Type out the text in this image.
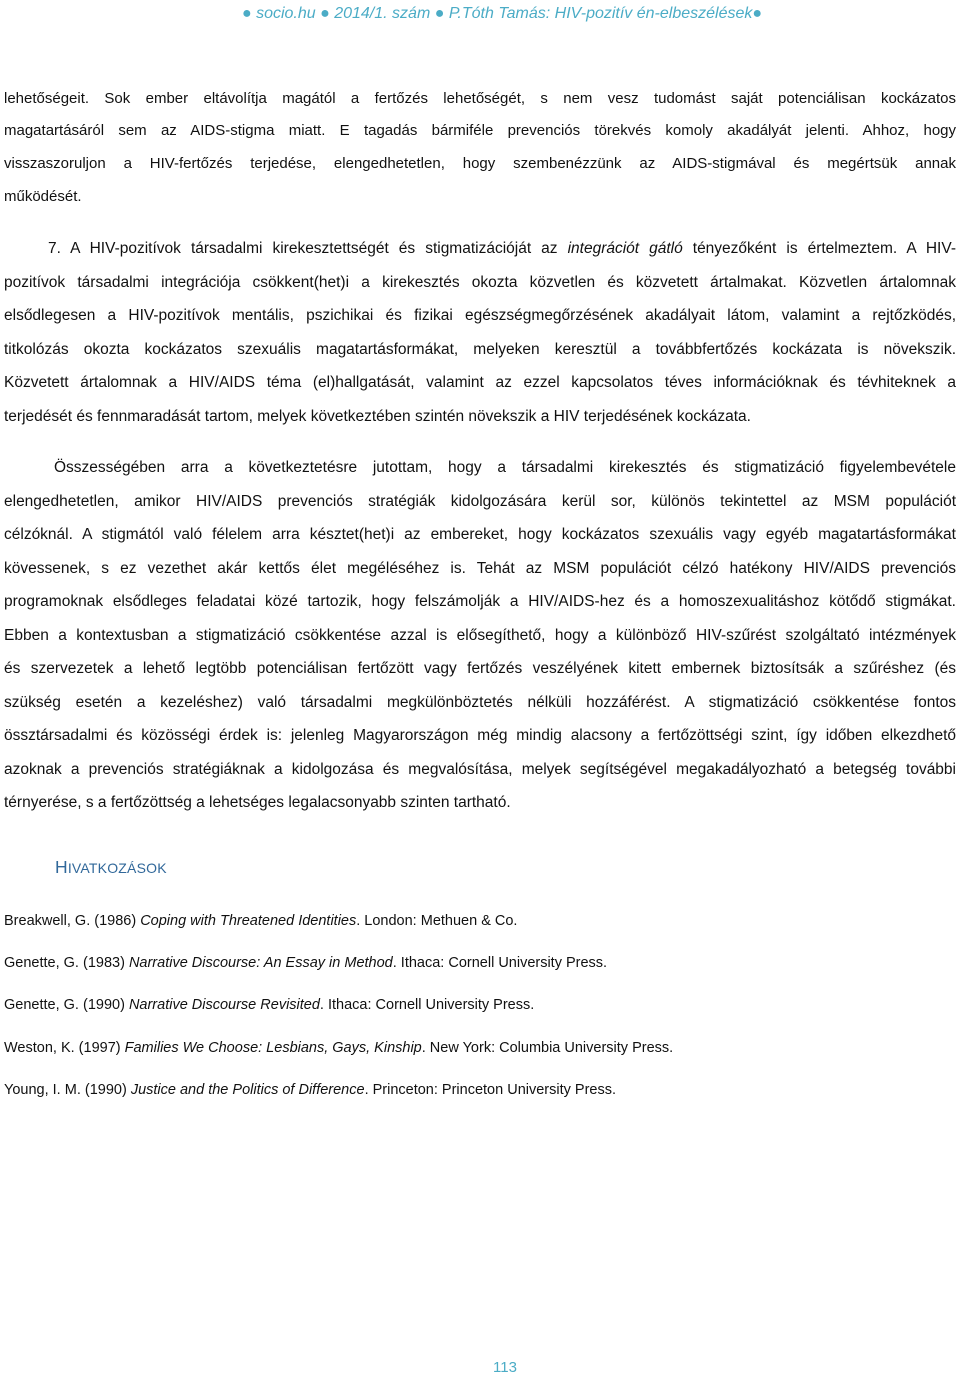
● socio.hu ● 2014/1. szám ● P.Tóth Tamás: HIV-pozitív én-elbeszélések●
lehetőségeit. Sok ember eltávolítja magától a fertőzés lehetőségét, s nem vesz tudomást saját potenciálisan kockázatos
magatartásáról sem az AIDS-stigma miatt. E tagadás bármiféle prevenciós törekvés komoly akadályát jelenti. Ahhoz, hogy
visszaszoruljon a HIV-fertőzés terjedése, elengedhetetlen, hogy szembenézzünk az AIDS-stigmával és megértsük annak
működését.
7. A HIV-pozitívok társadalmi kirekesztettségét és stigmatizációját az integrációt gátló tényezőként is értelmeztem. A HIV-
pozitívok társadalmi integrációja csökkent(het)i a kirekesztés okozta közvetlen és közvetett ártalmakat. Közvetlen ártalomnak
elsődlegesen a HIV-pozitívok mentális, pszichikai és fizikai egészségmegőrzésének akadályait látom, valamint a rejtőzködés,
titkolózás okozta kockázatos szexuális magatartásformákat, melyeken keresztül a továbbfertőzés kockázata is növekszik.
Közvetett ártalomnak a HIV/AIDS téma (el)hallgatását, valamint az ezzel kapcsolatos téves információknak és tévhiteknek a
terjedését és fennmaradását tartom, melyek következtében szintén növekszik a HIV terjedésének kockázata.
Összességében arra a következtetésre jutottam, hogy a társadalmi kirekesztés és stigmatizáció figyelembevétele
elengedhetetlen, amikor HIV/AIDS prevenciós stratégiák kidolgozására kerül sor, különös tekintettel az MSM populációt
célzóknál. A stigmától való félelem arra késztet(het)i az embereket, hogy kockázatos szexuális vagy egyéb magatartásformákat
kövessenek, s ez vezethet akár kettős élet megéléséhez is. Tehát az MSM populációt célzó hatékony HIV/AIDS prevenciós
programoknak elsődleges feladatai közé tartozik, hogy felszámolják a HIV/AIDS-hez és a homoszexualitáshoz kötődő stigmákat.
Ebben a kontextusban a stigmatizáció csökkentése azzal is elősegíthető, hogy a különböző HIV-szűrést szolgáltató intézmények
és szervezetek a lehető legtöbb potenciálisan fertőzött vagy fertőzés veszélyének kitett embernek biztosítsák a szűréshez (és
szükség esetén a kezeléshez) való társadalmi megkülönböztetés nélküli hozzáférést. A stigmatizáció csökkentése fontos
össztársadalmi és közösségi érdek is: jelenleg Magyarországon még mindig alacsony a fertőzöttségi szint, így időben elkezdhető
azoknak a prevenciós stratégiáknak a kidolgozása és megvalósítása, melyek segítségével megakadályozható a betegség további
térnyerése, s a fertőzöttség a lehetséges legalacsonyabb szinten tartható.
HIVATKOZÁSOK
Breakwell, G. (1986) Coping with Threatened Identities. London: Methuen & Co.
Genette, G. (1983) Narrative Discourse: An Essay in Method. Ithaca: Cornell University Press.
Genette, G. (1990) Narrative Discourse Revisited. Ithaca: Cornell University Press.
Weston, K. (1997) Families We Choose: Lesbians, Gays, Kinship. New York: Columbia University Press.
Young, I. M. (1990) Justice and the Politics of Difference. Princeton: Princeton University Press.
113
